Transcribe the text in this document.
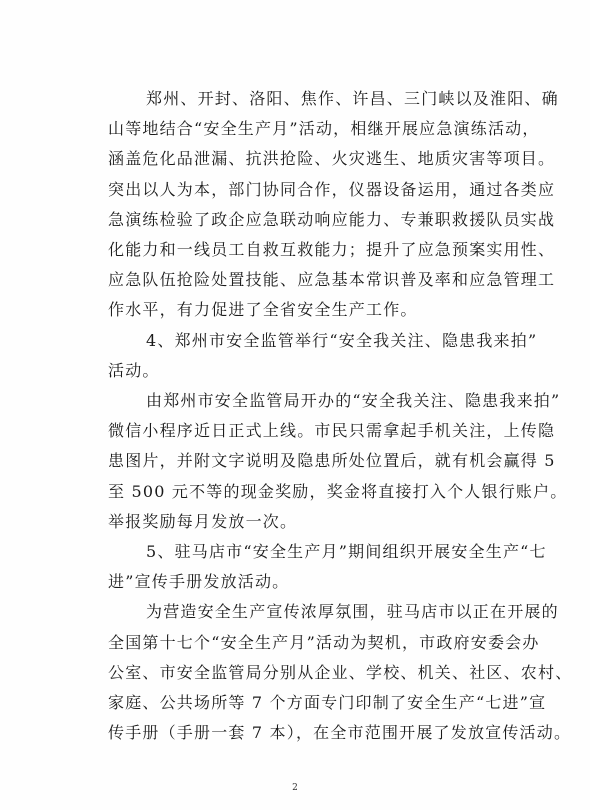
郑州、开封、洛阳、焦作、许昌、三门峡以及淮阳、确
山等地结合“安全生产月”活动，相继开展应急演练活动，
涵盖危化品泄漏、抗洪抢险、火灾逃生、地质灾害等项目。
突出以人为本，部门协同合作，仪器设备运用，通过各类应
急演练检验了政企应急联动响应能力、专兼职救援队员实战
化能力和一线员工自救互救能力；提升了应急预案实用性、
应急队伍抢险处置技能、应急基本常识普及率和应急管理工
作水平，有力促进了全省安全生产工作。
4、郑州市安全监管举行“安全我关注、隐患我来拍”
活动。
由郑州市安全监管局开办的“安全我关注、隐患我来拍”
微信小程序近日正式上线。市民只需拿起手机关注，上传隐
患图片，并附文字说明及隐患所处位置后，就有机会赢得 5
至 500 元不等的现金奖励，奖金将直接打入个人银行账户。
举报奖励每月发放一次。
5、驻马店市“安全生产月”期间组织开展安全生产“七
进”宣传手册发放活动。
为营造安全生产宣传浓厚氛围，驻马店市以正在开展的
全国第十七个“安全生产月”活动为契机，市政府安委会办
公室、市安全监管局分别从企业、学校、机关、社区、农村、
家庭、公共场所等 7 个方面专门印制了安全生产“七进”宣
传手册（手册一套 7 本），在全市范围开展了发放宣传活动。
2
